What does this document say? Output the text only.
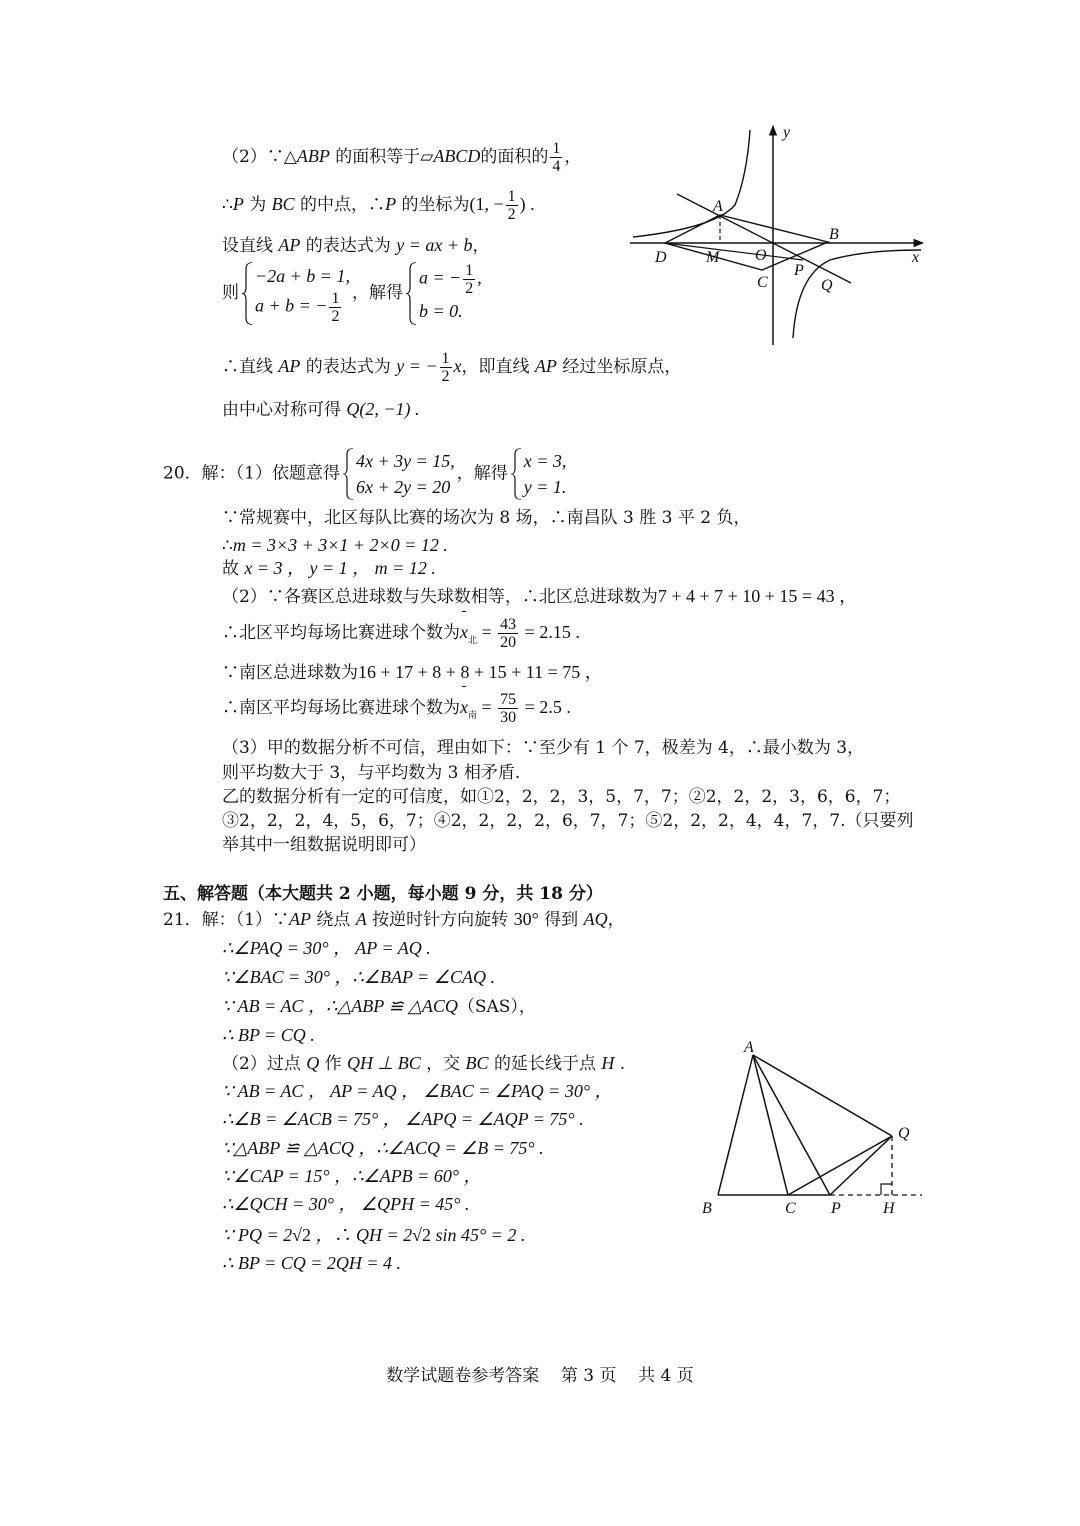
（2）∵△ABP 的面积等于▱ABCD的面积的 $\frac{1}{4}$ ，
∴P 为 BC 的中点，∴P 的坐标为(1, − $\frac{1}{2}$ ) .
设直线 AP 的表达式为 y = ax + b，
则
−2a + b = 1,
a + b = − $\frac{1}{2}$ ，解得
a = − $\frac{1}{2}$ ,
b = 0.
∴直线 AP 的表达式为 y = − $\frac{1}{2}$ x，即直线 AP 经过坐标原点，
由中心对称可得 Q(2, −1) .
y
A
B
D M O
P
x
C	Q
20．解：（1）依题意得
4x + 3y = 15,
6x + 2y = 20
，解得
x = 3,
y = 1.
∵常规赛中，北区每队比赛的场次为 8 场，∴南昌队 3 胜 3 平 2 负，
∴m = 3×3 + 3×1 + 2×0 = 12 .
故 x = 3 ， y = 1 ， m = 12 .
（2）∵各赛区总进球数与失球数相等，∴北区总进球数为7 + 4 + 7 + 10 + 15 = 43 ，
∴北区平均每场比赛进球个数为$x_北 = \frac{43}{20} = 2.15$ .
∵南区总进球数为16 + 17 + 8 + 8 + 15 + 11 = 75 ，
∴南区平均每场比赛进球个数为$x_南 = \frac{75}{30} = 2.5$ .
（3）甲的数据分析不可信，理由如下：∵至少有 1 个 7，极差为 4，∴最小数为 3，
则平均数大于 3，与平均数为 3 相矛盾.
乙的数据分析有一定的可信度，如①2，2，2，3，5，7，7；②2，2，2，3，6，6，7；
③2，2，2，4，5，6，7；④2，2，2，2，6，7，7；⑤2，2，2，4，4，7，7.（只要列
举其中一组数据说明即可）
五、解答题（本大题共 2 小题，每小题 9 分，共 18 分）
21．解：（1）∵AP 绕点 A 按逆时针方向旋转 30° 得到 AQ，
∴∠PAQ = 30° ， AP = AQ .
∵∠BAC = 30° ，∴∠BAP = ∠CAQ .
∵ AB = AC ，∴△ABP ≌ △ACQ（SAS），
∴ BP = CQ .
（2）过点 Q 作 QH ⊥ BC ，交 BC 的延长线于点 H .
∵ AB = AC ， AP = AQ ， ∠BAC = ∠PAQ = 30° ，
∴∠B = ∠ACB = 75° ， ∠APQ = ∠AQP = 75° .
∵△ABP ≌ △ACQ ，∴∠ACQ = ∠B = 75° .
∵∠CAP = 15° ，∴∠APB = 60° ，
∴∠QCH = 30° ， ∠QPH = 45° .
∵ PQ = 2√2 ，∴ QH = 2√2 sin 45° = 2 .
∴ BP = CQ = 2QH = 4 .
A
Q
B	C P	H
数学试题卷参考答案    第 3 页    共 4 页
